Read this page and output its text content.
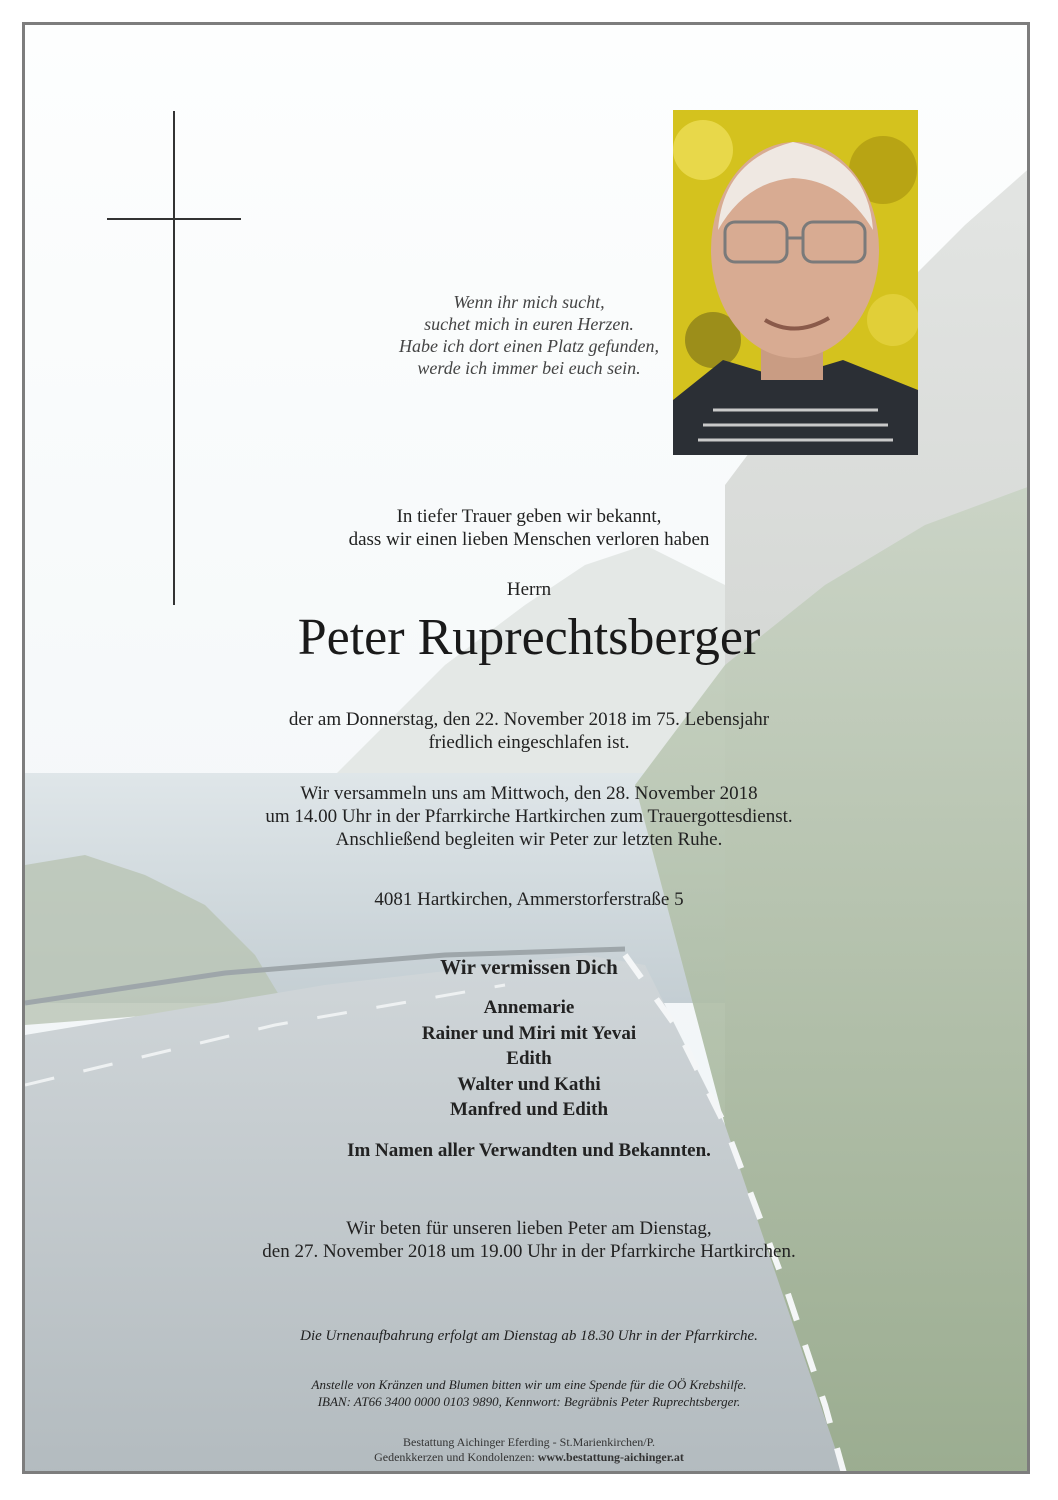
Wenn ihr mich sucht,
suchet mich in euren Herzen.
Habe ich dort einen Platz gefunden,
werde ich immer bei euch sein.
In tiefer Trauer geben wir bekannt,
dass wir einen lieben Menschen verloren haben
Herrn
Peter Ruprechtsberger
der am Donnerstag, den 22. November 2018 im 75. Lebensjahr
friedlich eingeschlafen ist.
Wir versammeln uns am Mittwoch, den 28. November 2018
um 14.00 Uhr in der Pfarrkirche Hartkirchen zum Trauergottesdienst.
Anschließend begleiten wir Peter zur letzten Ruhe.
4081 Hartkirchen, Ammerstorferstraße 5
Wir vermissen Dich
Annemarie
Rainer und Miri mit Yevai
Edith
Walter und Kathi
Manfred und Edith
Im Namen aller Verwandten und Bekannten.
Wir beten für unseren lieben Peter am Dienstag,
den 27. November 2018 um 19.00 Uhr in der Pfarrkirche Hartkirchen.
Die Urnenaufbahrung erfolgt am Dienstag ab 18.30 Uhr in der Pfarrkirche.
Anstelle von Kränzen und Blumen bitten wir um eine Spende für die OÖ Krebshilfe.
IBAN: AT66 3400 0000 0103 9890, Kennwort: Begräbnis Peter Ruprechtsberger.
Bestattung Aichinger Eferding - St.Marienkirchen/P.
Gedenkkerzen und Kondolenzen: www.bestattung-aichinger.at
